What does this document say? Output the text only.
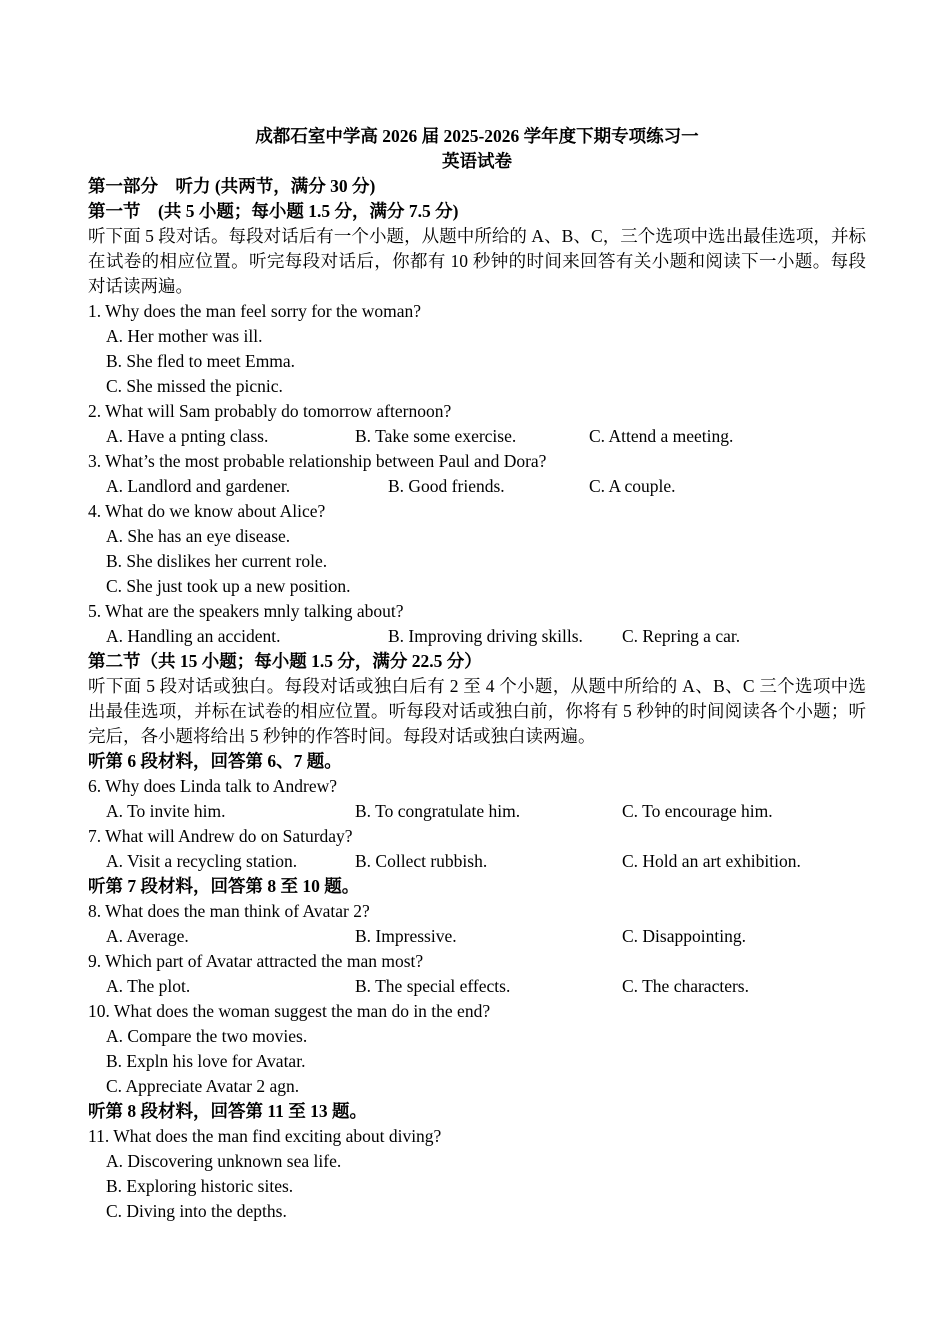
成都石室中学高 2026 届 2025-2026 学年度下期专项练习一
英语试卷
第一部分　听力 (共两节，满分 30 分)
第一节　(共 5 小题；每小题 1.5 分，满分 7.5 分)
听下面 5 段对话。每段对话后有一个小题，从题中所给的 A、B、C，三个选项中选出最佳选项，并标在试卷的相应位置。听完每段对话后，你都有 10 秒钟的时间来回答有关小题和阅读下一小题。每段对话读两遍。
1. Why does the man feel sorry for the woman?
A. Her mother was ill.
B. She fled to meet Emma.
C. She missed the picnic.
2. What will Sam probably do tomorrow afternoon?
A. Have a pnting class.	B. Take some exercise.	C. Attend a meeting.
3. What’s the most probable relationship between Paul and Dora?
A. Landlord and gardener.	B. Good friends.	C. A couple.
4. What do we know about Alice?
A. She has an eye disease.
B. She dislikes her current role.
C. She just took up a new position.
5. What are the speakers mnly talking about?
A. Handling an accident.	B. Improving driving skills. C. Repring a car.
第二节（共 15 小题；每小题 1.5 分，满分 22.5 分）
听下面 5 段对话或独白。每段对话或独白后有 2 至 4 个小题，从题中所给的 A、B、C 三个选项中选出最佳选项，并标在试卷的相应位置。听每段对话或独白前，你将有 5 秒钟的时间阅读各个小题；听完后，各小题将给出 5 秒钟的作答时间。每段对话或独白读两遍。
听第 6 段材料，回答第 6、7 题。
6. Why does Linda talk to Andrew?
A. To invite him.	B. To congratulate him.	C. To encourage him.
7. What will Andrew do on Saturday?
A. Visit a recycling station.	B. Collect rubbish.	C. Hold an art exhibition.
听第 7 段材料，回答第 8 至 10 题。
8. What does the man think of Avatar 2?
A. Average.	B. Impressive.	C. Disappointing.
9. Which part of Avatar attracted the man most?
A. The plot.	B. The special effects.	C. The characters.
10. What does the woman suggest the man do in the end?
A. Compare the two movies.
B. Expln his love for Avatar.
C. Appreciate Avatar 2 agn.
听第 8 段材料，回答第 11 至 13 题。
11. What does the man find exciting about diving?
A. Discovering unknown sea life.
B. Exploring historic sites.
C. Diving into the depths.
